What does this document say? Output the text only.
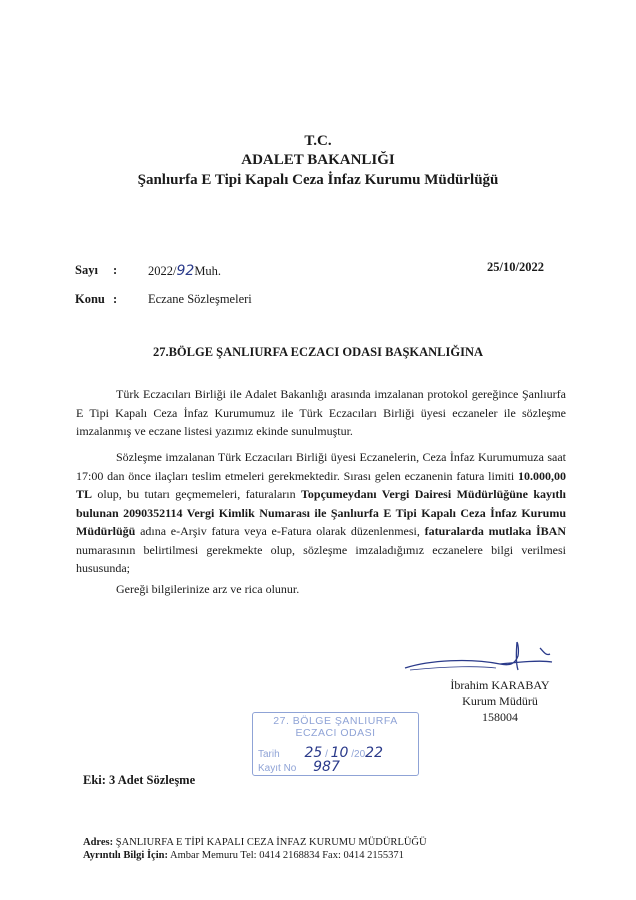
T.C.
ADALET BAKANLIĞI
Şanlıurfa E Tipi Kapalı Ceza İnfaz Kurumu Müdürlüğü
Sayı : 2022/92Muh.	25/10/2022
Konu : Eczane Sözleşmeleri
27.BÖLGE ŞANLIURFA ECZACI ODASI BAŞKANLIĞINA
Türk Eczacıları Birliği ile Adalet Bakanlığı arasında imzalanan protokol gereğince Şanlıurfa E Tipi Kapalı Ceza İnfaz Kurumumuz ile Türk Eczacıları Birliği üyesi eczaneler ile sözleşme imzalanmış ve eczane listesi yazımız ekinde sunulmuştur.
Sözleşme imzalanan Türk Eczacıları Birliği üyesi Eczanelerin, Ceza İnfaz Kurumumuza saat 17:00 dan önce ilaçları teslim etmeleri gerekmektedir. Sırası gelen eczanenin fatura limiti 10.000,00 TL olup, bu tutarı geçmemeleri, faturaların Topçumeydanı Vergi Dairesi Müdürlüğüne kayıtlı bulunan 2090352114 Vergi Kimlik Numarası ile Şanlıurfa E Tipi Kapalı Ceza İnfaz Kurumu Müdürlüğü adına e-Arşiv fatura veya e-Fatura olarak düzenlenmesi, faturalarda mutlaka İBAN numarasının belirtilmesi gerekmekte olup, sözleşme imzaladığımız eczanelere bilgi verilmesi hususunda;
Gereği bilgilerinize arz ve rica olunur.
İbrahim KARABAY
Kurum Müdürü
158004
27. BÖLGE ŞANLIURFA
ECZACI ODASI
Tarih 25 / 10 /2022
Kayıt No 987
Eki: 3 Adet Sözleşme
Adres: ŞANLIURFA E TİPİ KAPALI CEZA İNFAZ KURUMU MÜDÜRLÜĞÜ
Ayrıntılı Bilgi İçin: Ambar Memuru Tel: 0414 2168834 Fax: 0414 2155371
